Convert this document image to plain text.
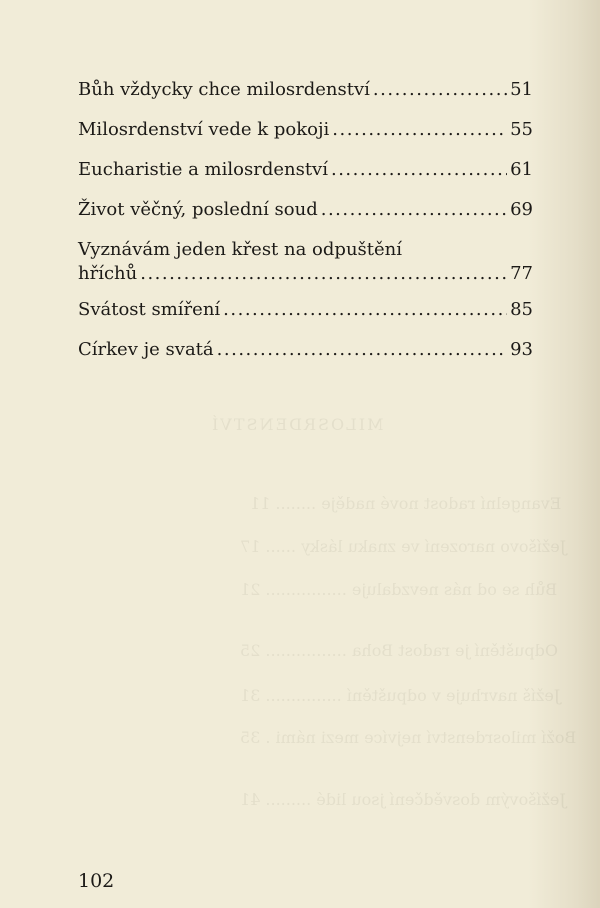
MILOSRDENSTVÍ
Evangelní radost nové naděje ........ 11
Ježíšovo narození ve znaku lásky ...... 17
Bůh se od nás nevzdaluje ................ 21
Odpuštění je radost Boha ................ 25
Ježíš navrhuje v odpuštění ............... 31
Boží milosrdenství nejvíce mezi námi . 35
Ježíšovým dosvědčení jsou lidé ......... 41
Bůh vždycky chce milosrdenství .....	51
Milosrdenství vede k pokoji .....	55
Eucharistie a milosrdenství .....	61
Život věčný, poslední soud .....	69
Vyznávám jeden křest na odpuštění
hříchů .....	77
Svátost smíření .....	85
Církev je svatá .....	93
102
